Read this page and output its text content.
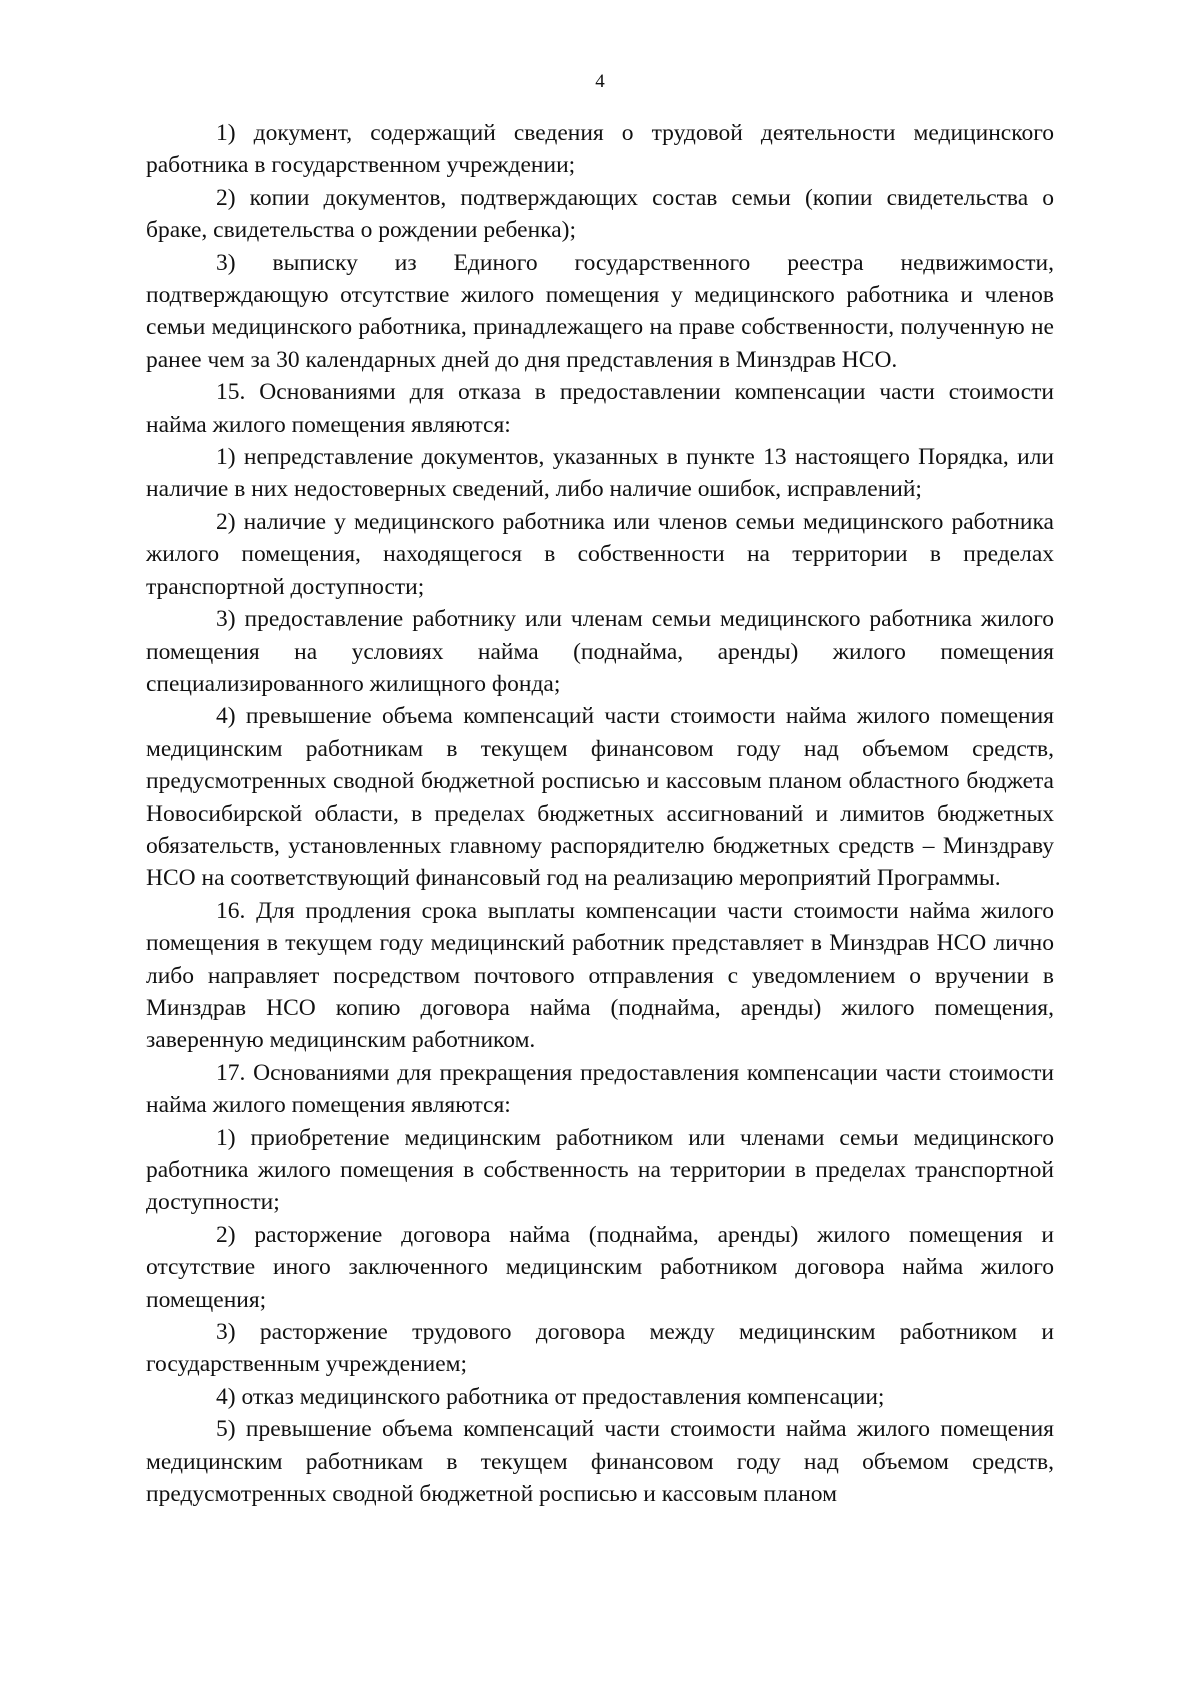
4

1) документ, содержащий сведения о трудовой деятельности медицинского работника в государственном учреждении;

2) копии документов, подтверждающих состав семьи (копии свидетельства о браке, свидетельства о рождении ребенка);

3) выписку из Единого государственного реестра недвижимости, подтверждающую отсутствие жилого помещения у медицинского работника и членов семьи медицинского работника, принадлежащего на праве собственности, полученную не ранее чем за 30 календарных дней до дня представления в Минздрав НСО.

15. Основаниями для отказа в предоставлении компенсации части стоимости найма жилого помещения являются:

1) непредставление документов, указанных в пункте 13 настоящего Порядка, или наличие в них недостоверных сведений, либо наличие ошибок, исправлений;

2) наличие у медицинского работника или членов семьи медицинского работника жилого помещения, находящегося в собственности на территории в пределах транспортной доступности;

3) предоставление работнику или членам семьи медицинского работника жилого помещения на условиях найма (поднайма, аренды) жилого помещения специализированного жилищного фонда;

4) превышение объема компенсаций части стоимости найма жилого помещения медицинским работникам в текущем финансовом году над объемом средств, предусмотренных сводной бюджетной росписью и кассовым планом областного бюджета Новосибирской области, в пределах бюджетных ассигнований и лимитов бюджетных обязательств, установленных главному распорядителю бюджетных средств – Минздраву НСО на соответствующий финансовый год на реализацию мероприятий Программы.

16. Для продления срока выплаты компенсации части стоимости найма жилого помещения в текущем году медицинский работник представляет в Минздрав НСО лично либо направляет посредством почтового отправления с уведомлением о вручении в Минздрав НСО копию договора найма (поднайма, аренды) жилого помещения, заверенную медицинским работником.

17. Основаниями для прекращения предоставления компенсации части стоимости найма жилого помещения являются:

1) приобретение медицинским работником или членами семьи медицинского работника жилого помещения в собственность на территории в пределах транспортной доступности;

2) расторжение договора найма (поднайма, аренды) жилого помещения и отсутствие иного заключенного медицинским работником договора найма жилого помещения;

3) расторжение трудового договора между медицинским работником и государственным учреждением;

4) отказ медицинского работника от предоставления компенсации;

5) превышение объема компенсаций части стоимости найма жилого помещения медицинским работникам в текущем финансовом году над объемом средств, предусмотренных сводной бюджетной росписью и кассовым планом
